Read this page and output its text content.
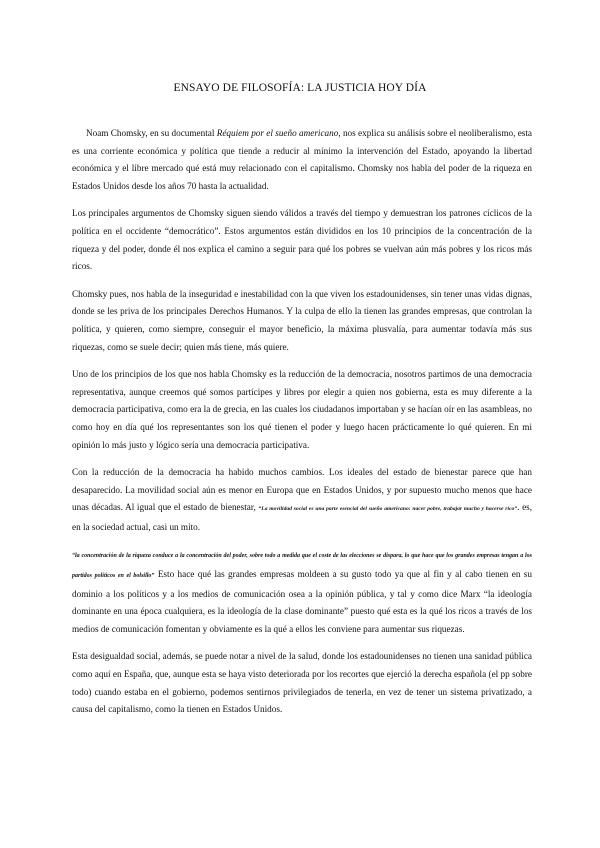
ENSAYO DE FILOSOFÍA: LA JUSTICIA HOY DÍA

Noam Chomsky, en su documental Réquiem por el sueño americano, nos explica su análisis sobre el neoliberalismo, esta es una corriente económica y política que tiende a reducir al mínimo la intervención del Estado, apoyando la libertad económica y el libre mercado qué está muy relacionado con el capitalismo. Chomsky nos habla del poder de la riqueza en Estados Unidos desde los años 70 hasta la actualidad.

Los principales argumentos de Chomsky siguen siendo válidos a través del tiempo y demuestran los patrones cíclicos de la política en el occidente “democrático”. Estos argumentos están divididos en los 10 principios de la concentración de la riqueza y del poder, donde él nos explica el camino a seguir para qué los pobres se vuelvan aún más pobres y los ricos más ricos.

Chomsky pues, nos habla de la inseguridad e inestabilidad con la que viven los estadounidenses, sin tener unas vidas dignas, donde se les priva de los principales Derechos Humanos. Y la culpa de ello la tienen las grandes empresas, que controlan la política, y quieren, como siempre, conseguir el mayor beneficio, la máxima plusvalía, para aumentar todavía más sus riquezas, como se suele decir; quien más tiene, más quiere.

Uno de los principios de los que nos habla Chomsky es la reducción de la democracia, nosotros partimos de una democracia representativa, aunque creemos qué somos partícipes y libres por elegir a quien nos gobierna, esta es muy diferente a la democracia participativa, como era la de grecia, en las cuales los ciudadanos importaban y se hacían oír en las asambleas, no como hoy en día qué los representantes son los qué tienen el poder y luego hacen prácticamente lo qué quieren. En mi opinión lo más justo y lógico sería una democracia participativa.

Con la reducción de la democracia ha habido muchos cambios. Los ideales del estado de bienestar parece que han desaparecido. La movilidad social aún es menor en Europa que en Estados Unidos, y por supuesto mucho menos que hace unas décadas. Al igual que el estado de bienestar, “La movilidad social es una parte esencial del sueño americano: nacer pobre, trabajar mucho y hacerse rico”. es, en la sociedad actual, casi un mito.

“la concentración de la riqueza conduce a la concentración del poder, sobre todo a medida que el coste de las elecciones se dispara, lo que hace que los grandes empresas tengan a los partidos políticos en el bolsillo” Esto hace qué las grandes empresas moldeen a su gusto todo ya que al fin y al cabo tienen en su dominio a los políticos y a los medios de comunicación osea a la opinión pública, y tal y como dice Marx “la ideología dominante en una época cualquiera, es la ideología de la clase dominante” puesto qué esta es la qué los ricos a través de los medios de comunicación fomentan y obviamente es la qué a ellos les conviene para aumentar sus riquezas.

Esta desigualdad social, además, se puede notar a nivel de la salud, donde los estadounidenses no tienen una sanidad pública como aquí en España, que, aunque esta se haya visto deteriorada por los recortes que ejerció la derecha española (el pp sobre todo) cuando estaba en el gobierno, podemos sentirnos privilegiados de tenerla, en vez de tener un sistema privatizado, a causa del capitalismo, como la tienen en Estados Unidos.
